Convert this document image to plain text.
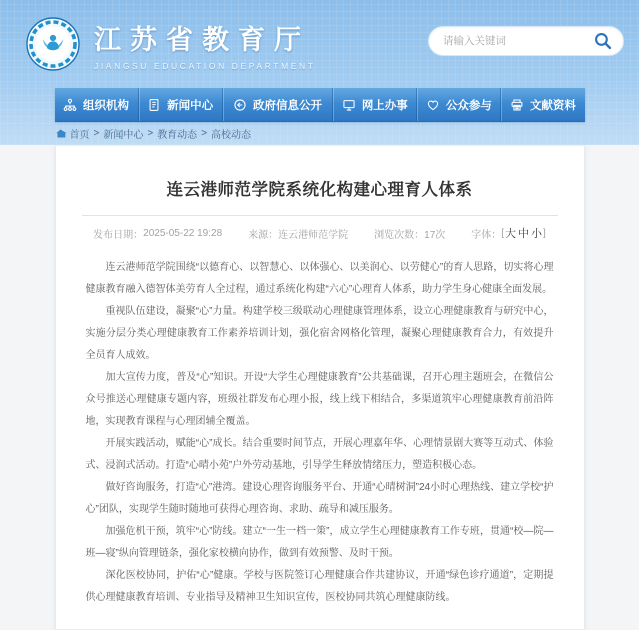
江苏省教育厅
JIANGSU EDUCATION DEPARTMENT
请输入关键词
组织机构	新闻中心	政府信息公开	网上办事	公众参与	文献资料
首页 > 新闻中心 > 教育动态 > 高校动态
连云港师范学院系统化构建心理育人体系
发布日期： 2025-05-22 19:28	来源： 连云港师范学院	浏览次数： 17次	字体： [ 大 中 小 ]

连云港师范学院围绕“以德育心、以智慧心、以体强心、以美润心、以劳健心”的育人思路，切实将心理健康教育融入德智体美劳育人全过程，通过系统化构建“六心”心理育人体系，助力学生身心健康全面发展。

重视队伍建设，凝聚“心”力量。构建学校三级联动心理健康管理体系，设立心理健康教育与研究中心，实施分层分类心理健康教育工作素养培训计划，强化宿舍网格化管理，凝聚心理健康教育合力，有效提升全员育人成效。

加大宣传力度，普及“心”知识。开设“大学生心理健康教育”公共基础课，召开心理主题班会，在微信公众号推送心理健康专题内容，班级社群发布心理小报，线上线下相结合，多渠道筑牢心理健康教育前沿阵地，实现教育课程与心理团辅全覆盖。

开展实践活动，赋能“心”成长。结合重要时间节点，开展心理嘉年华、心理情景剧大赛等互动式、体验式、浸润式活动。打造“心晴小苑”户外劳动基地，引导学生释放情绪压力，塑造积极心态。

做好咨询服务，打造“心”港湾。建设心理咨询服务平台、开通“心晴树洞”24小时心理热线、建立学校“护心”团队，实现学生随时随地可获得心理咨询、求助、疏导和减压服务。

加强危机干预，筑牢“心”防线。建立“一生一档一策”，成立学生心理健康教育工作专班，贯通“校—院—班—寝”纵向管理链条，强化家校横向协作，做到有效预警、及时干预。

深化医校协同，护佑“心”健康。学校与医院签订心理健康合作共建协议，开通“绿色诊疗通道”，定期提供心理健康教育培训、专业指导及精神卫生知识宣传，医校协同共筑心理健康防线。
